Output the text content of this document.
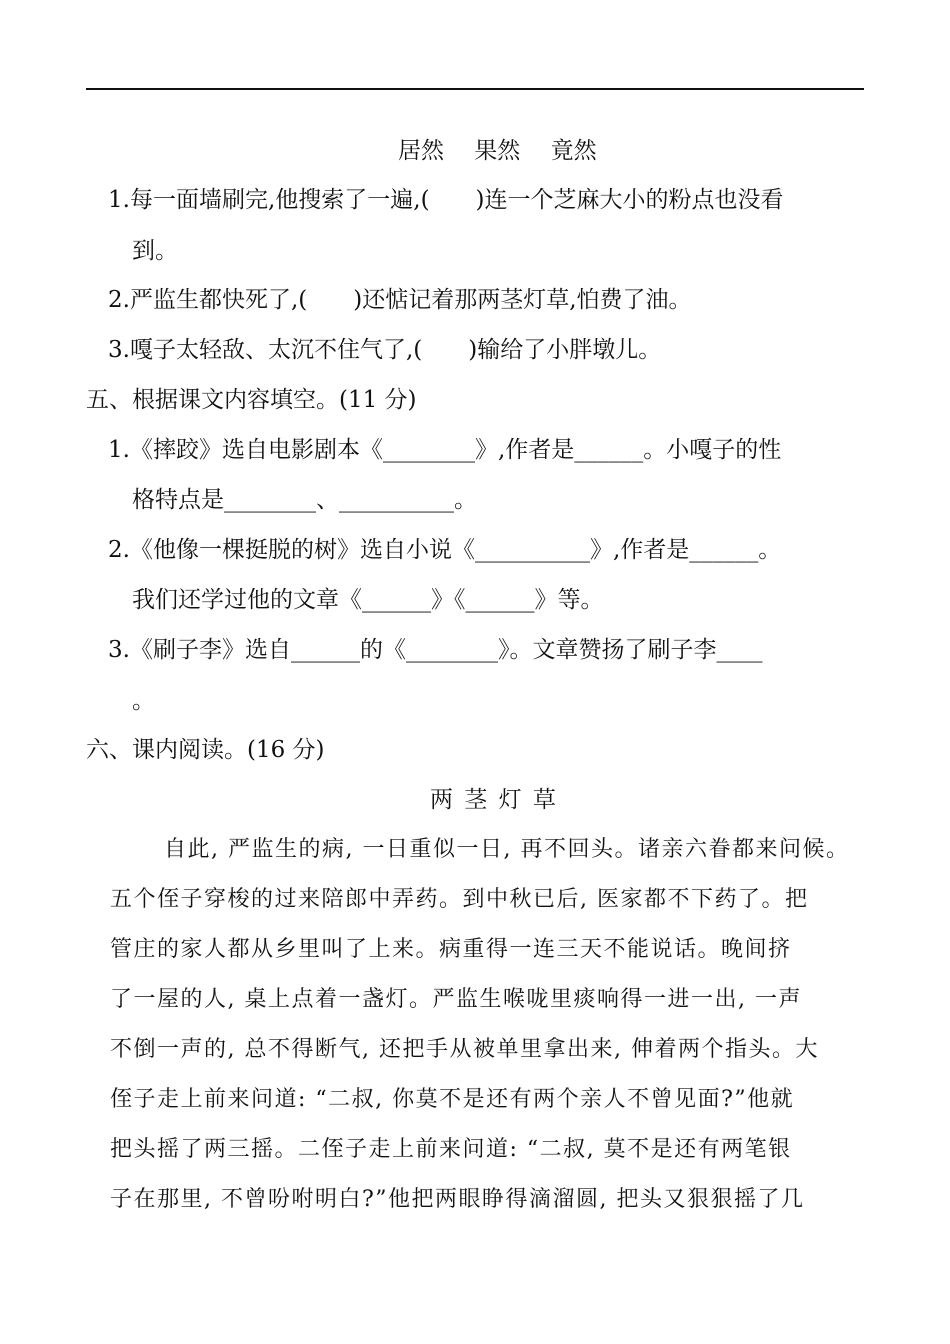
居然　 果然　 竟然
1.每一面墙刷完,他搜索了一遍,(　　)连一个芝麻大小的粉点也没看
到。
2.严监生都快死了,(　　)还惦记着那两茎灯草,怕费了油。
3.嘎子太轻敌、太沉不住气了,(　　)输给了小胖墩儿。
五、根据课文内容填空。(11 分)
1.《摔跤》选自电影剧本《________》,作者是______。小嘎子的性
格特点是________、__________。
2.《他像一棵挺脱的树》选自小说《__________》,作者是______。
我们还学过他的文章《______》《______》等。
3.《刷子李》选自______的《________》。文章赞扬了刷子李____
。
六、课内阅读。(16 分)
两 茎 灯 草
自此, 严监生的病, 一日重似一日, 再不回头。诸亲六眷都来问候。
五个侄子穿梭的过来陪郎中弄药。到中秋已后, 医家都不下药了。把
管庄的家人都从乡里叫了上来。病重得一连三天不能说话。晚间挤
了一屋的人, 桌上点着一盏灯。严监生喉咙里痰响得一进一出, 一声
不倒一声的, 总不得断气, 还把手从被单里拿出来, 伸着两个指头。大
侄子走上前来问道: “二叔, 你莫不是还有两个亲人不曾见面?”他就
把头摇了两三摇。二侄子走上前来问道: “二叔, 莫不是还有两笔银
子在那里, 不曾吩咐明白?”他把两眼睁得滴溜圆, 把头又狠狠摇了几
